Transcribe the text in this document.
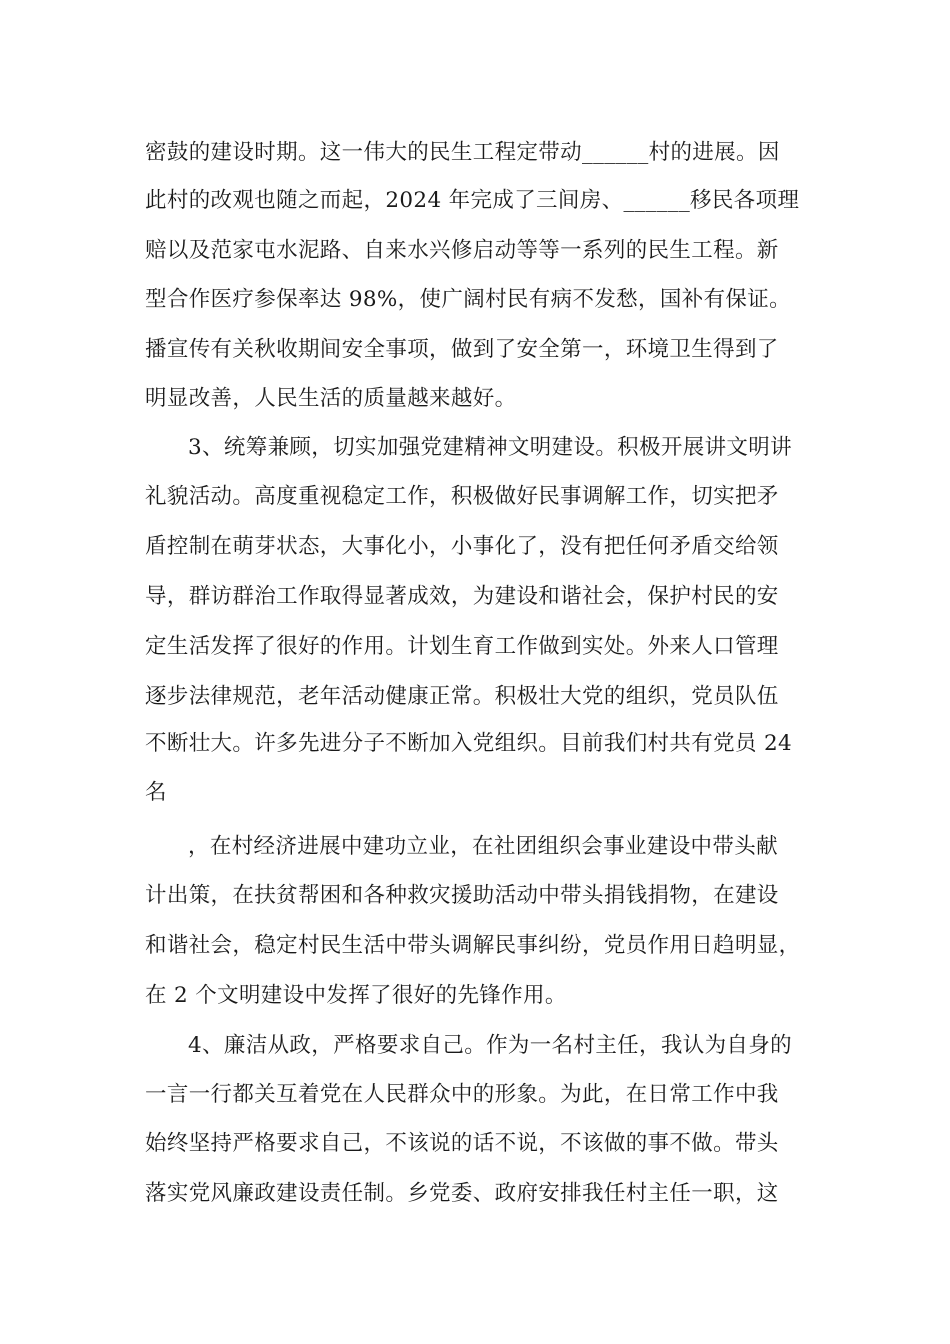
密鼓的建设时期。这一伟大的民生工程定带动______村的进展。因
此村的改观也随之而起，2024 年完成了三间房、______移民各项理
赔以及范家屯水泥路、自来水兴修启动等等一系列的民生工程。新
型合作医疗参保率达 98%，使广阔村民有病不发愁，国补有保证。
播宣传有关秋收期间安全事项，做到了安全第一，环境卫生得到了
明显改善，人民生活的质量越来越好。
3、统筹兼顾，切实加强党建精神文明建设。积极开展讲文明讲
礼貌活动。高度重视稳定工作，积极做好民事调解工作，切实把矛
盾控制在萌芽状态，大事化小，小事化了，没有把任何矛盾交给领
导，群访群治工作取得显著成效，为建设和谐社会，保护村民的安
定生活发挥了很好的作用。计划生育工作做到实处。外来人口管理
逐步法律规范，老年活动健康正常。积极壮大党的组织，党员队伍
不断壮大。许多先进分子不断加入党组织。目前我们村共有党员 24
名
，在村经济进展中建功立业，在社团组织会事业建设中带头献
计出策，在扶贫帮困和各种救灾援助活动中带头捐钱捐物，在建设
和谐社会，稳定村民生活中带头调解民事纠纷，党员作用日趋明显，
在 2 个文明建设中发挥了很好的先锋作用。
4、廉洁从政，严格要求自己。作为一名村主任，我认为自身的
一言一行都关互着党在人民群众中的形象。为此，在日常工作中我
始终坚持严格要求自己，不该说的话不说，不该做的事不做。带头
落实党风廉政建设责任制。乡党委、政府安排我任村主任一职，这
